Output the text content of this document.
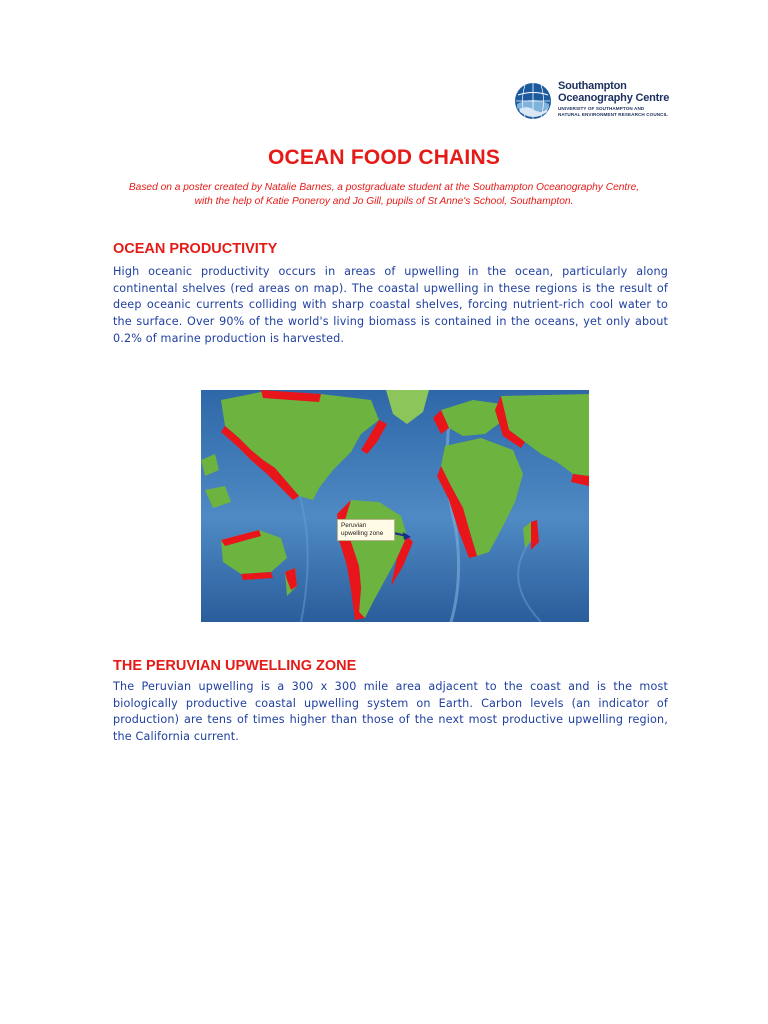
Southampton
Oceanography Centre
UNIVERSITY OF SOUTHAMPTON AND
NATURAL ENVIRONMENT RESEARCH COUNCIL
OCEAN FOOD CHAINS
Based on a poster created by Natalie Barnes, a postgraduate student at the Southampton Oceanography Centre,
with the help of Katie Poneroy and Jo Gill, pupils of St Anne's School, Southampton.
OCEAN PRODUCTIVITY
High oceanic productivity occurs in areas of upwelling in the ocean, particularly along continental shelves (red areas on map). The coastal upwelling in these regions is the result of deep oceanic currents colliding with sharp coastal shelves, forcing nutrient-rich cool water to the surface. Over 90% of the world's living biomass is contained in the oceans, yet only about 0.2% of marine production is harvested.
Peruvian
upwelling zone
THE PERUVIAN UPWELLING ZONE
The Peruvian upwelling is a 300 x 300 mile area adjacent to the coast and is the most biologically productive coastal upwelling system on Earth. Carbon levels (an indicator of production) are tens of times higher than those of the next most productive upwelling region, the California current.
